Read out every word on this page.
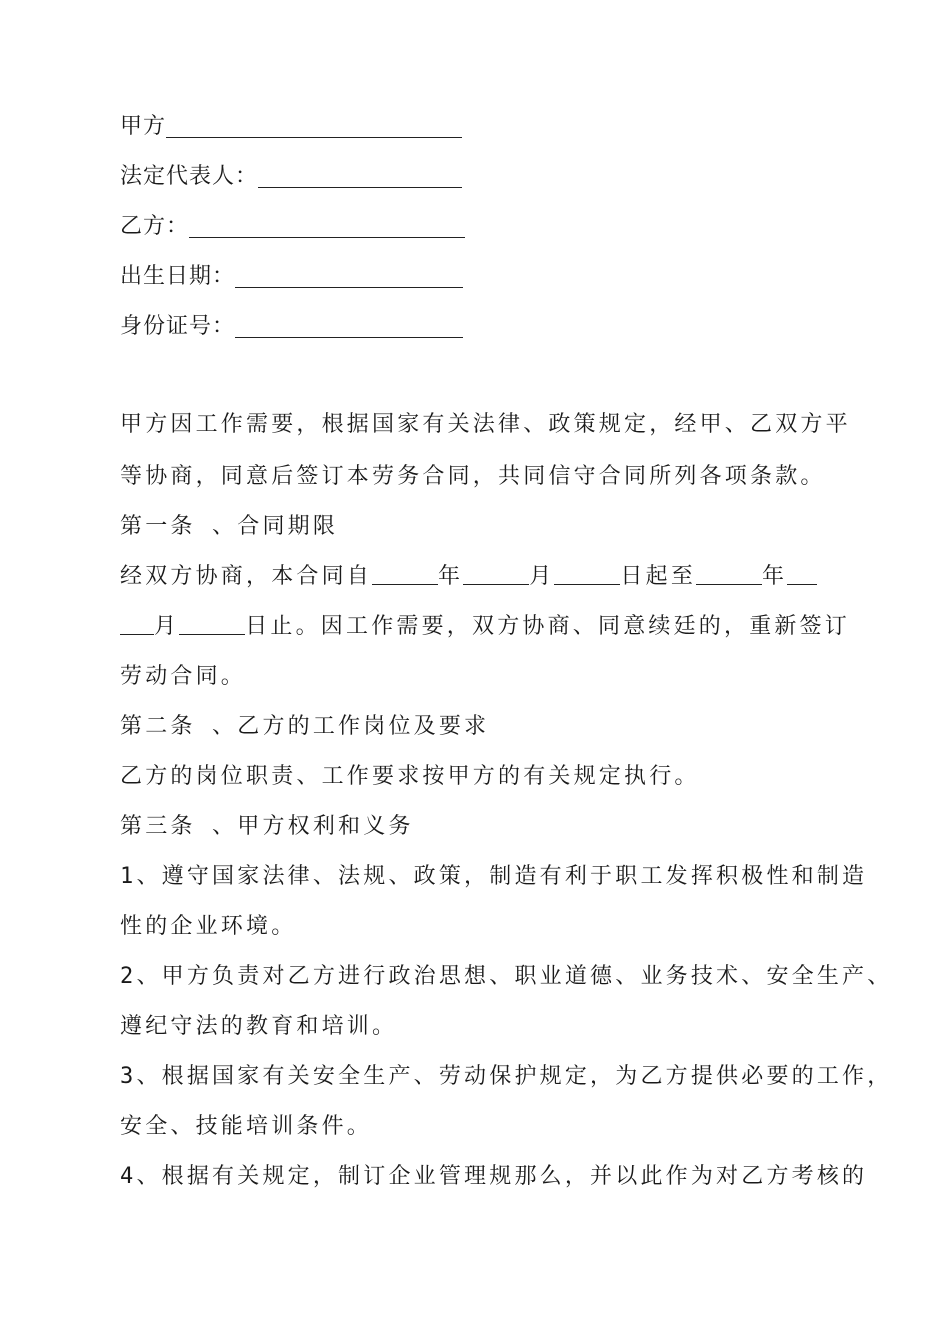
甲方
法定代表人：
乙方：
出生日期：
身份证号：
甲方因工作需要，根据国家有关法律、政策规定，经甲、乙双方平
等协商，同意后签订本劳务合同，共同信守合同所列各项条款。
第一条 、合同期限
经双方协商，本合同自	年	月	日起至	年
月	日止。因工作需要，双方协商、同意续廷的，重新签订
劳动合同。
第二条 、乙方的工作岗位及要求
乙方的岗位职责、工作要求按甲方的有关规定执行。
第三条 、甲方权利和义务
1、遵守国家法律、法规、政策，制造有利于职工发挥积极性和制造
性的企业环境。
2、甲方负责对乙方进行政治思想、职业道德、业务技术、安全生产、
遵纪守法的教育和培训。
3、根据国家有关安全生产、劳动保护规定，为乙方提供必要的工作，
安全、技能培训条件。
4、根据有关规定，制订企业管理规那么，并以此作为对乙方考核的
